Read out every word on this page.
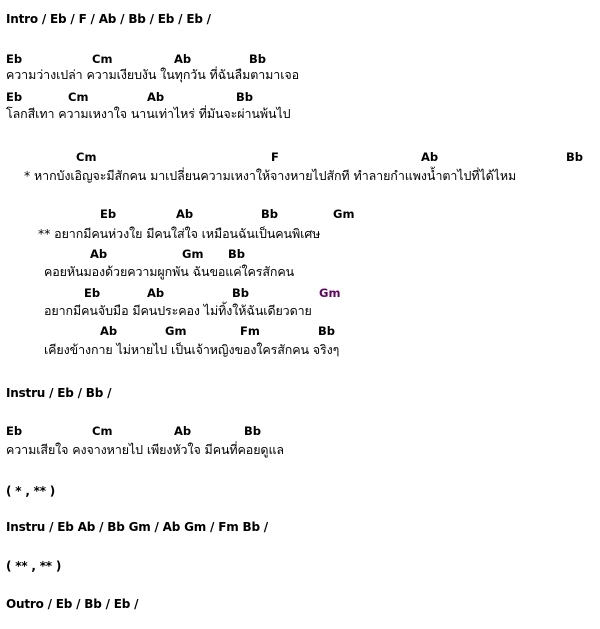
Intro / Eb / F / Ab / Bb / Eb / Eb /
Eb	Cm	Ab	Bb
ความว่างเปล่า ความเงียบงัน ในทุกวัน ที่ฉันลืมตามาเจอ
Eb	Cm	Ab	Bb
โลกสีเทา ความเหงาใจ นานเท่าไหร่ ที่มันจะผ่านพ้นไป
Cm	F	Ab	Bb
* หากบังเอิญจะมีสักคน มาเปลี่ยนความเหงาให้จางหายไปสักที ทำลายกำแพงน้ำตาไปที่ได้ไหม
Eb	Ab	Bb	Gm
** อยากมีคนห่วงใย มีคนใส่ใจ เหมือนฉันเป็นคนพิเศษ
Ab	Gm Bb
คอยหันมองด้วยความผูกพัน ฉันขอแค่ใครสักคน
Eb	Ab	Bb	Gm
อยากมีคนจับมือ มีคนประคอง ไม่ทิ้งให้ฉันเดียวดาย
Ab	Gm	Fm	Bb
เคียงข้างกาย ไม่หายไป เป็นเจ้าหญิงของใครสักคน จริงๆ
Instru / Eb / Bb /
Eb	Cm	Ab	Bb
ความเสียใจ คงจางหายไป เพียงหัวใจ มีคนที่คอยดูแล
( * , ** )
Instru / Eb Ab / Bb Gm / Ab Gm / Fm Bb /
( ** , ** )
Outro / Eb / Bb / Eb /
